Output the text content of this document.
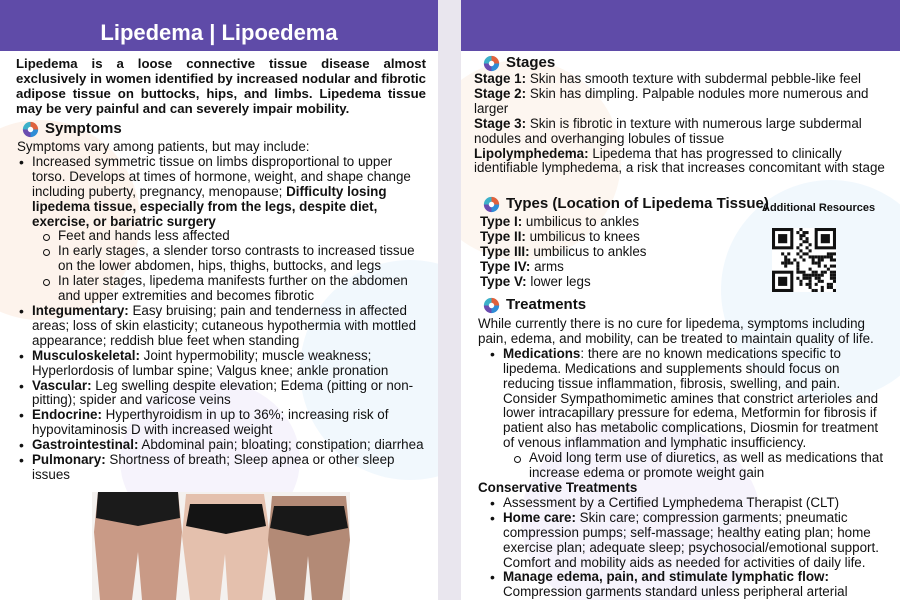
Lipedema | Lipoedema

Lipedema is a loose connective tissue disease almost exclusively in women identified by increased nodular and fibrotic adipose tissue on buttocks, hips, and limbs. Lipedema tissue may be very painful and can severely impair mobility.

Symptoms

Symptoms vary among patients, but may include:

• Increased symmetric tissue on limbs disproportional to upper torso. Develops at times of hormone, weight, and shape change including puberty, pregnancy, menopause; Difficulty losing lipedema tissue, especially from the legs, despite diet, exercise, or bariatric surgery
Feet and hands less affected
In early stages, a slender torso contrasts to increased tissue on the lower abdomen, hips, thighs, buttocks, and legs
In later stages, lipedema manifests further on the abdomen and upper extremities and becomes fibrotic
• Integumentary: Easy bruising; pain and tenderness in affected areas; loss of skin elasticity; cutaneous hypothermia with mottled appearance; reddish blue feet when standing
• Musculoskeletal: Joint hypermobility; muscle weakness; Hyperlordosis of lumbar spine; Valgus knee; ankle pronation
• Vascular: Leg swelling despite elevation; Edema (pitting or non-pitting); spider and varicose veins
• Endocrine: Hyperthyroidism in up to 36%; increasing risk of hypovitaminosis D with increased weight
• Gastrointestinal: Abdominal pain; bloating; constipation; diarrhea
• Pulmonary: Shortness of breath; Sleep apnea or other sleep issues
Stages

Stage 1: Skin has smooth texture with subdermal pebble-like feel

Stage 2: Skin has dimpling. Palpable nodules more numerous and larger

Stage 3: Skin is fibrotic in texture with numerous large subdermal nodules and overhanging lobules of tissue

Lipolymphedema: Lipedema that has progressed to clinically identifiable lymphedema, a risk that increases concomitant with stage

Types (Location of Lipedema Tissue)

Type I: umbilicus to ankles

Type II: umbilicus to knees

Type III: umbilicus to ankles

Type IV: arms

Type V: lower legs

Treatments

While currently there is no cure for lipedema, symptoms including pain, edema, and mobility, can be treated to maintain quality of life.

• Medications: there are no known medications specific to lipedema. Medications and supplements should focus on reducing tissue inflammation, fibrosis, swelling, and pain. Consider Sympathomimetic amines that constrict arterioles and lower intracapillary pressure for edema, Metformin for fibrosis if patient also has metabolic complications, Diosmin for treatment of venous inflammation and lymphatic insufficiency.
Avoid long term use of diuretics, as well as medications that increase edema or promote weight gain

Conservative Treatments

• Assessment by a Certified Lymphedema Therapist (CLT)
• Home care: Skin care; compression garments; pneumatic compression pumps; self-massage; healthy eating plan; home exercise plan; adequate sleep; psychosocial/emotional support. Comfort and mobility aids as needed for activities of daily life.
• Manage edema, pain, and stimulate lymphatic flow:
Compression garments standard unless peripheral arterial
Additional Resources
